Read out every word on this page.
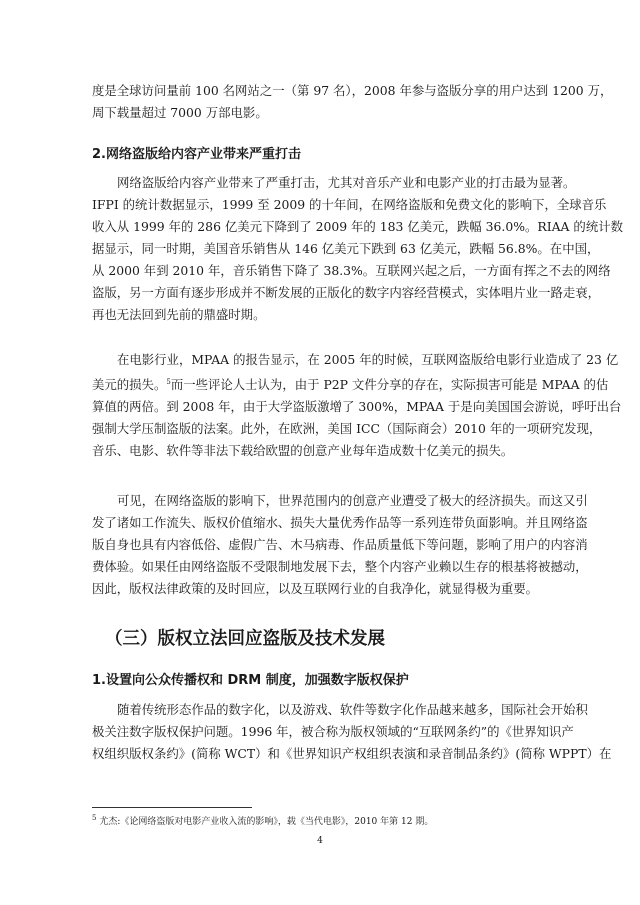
度是全球访问量前 100 名网站之一（第 97 名），2008 年参与盗版分享的用户达到 1200 万，
周下载量超过 7000 万部电影。

2.网络盗版给内容产业带来严重打击

网络盗版给内容产业带来了严重打击，尤其对音乐产业和电影产业的打击最为显著。
IFPI 的统计数据显示，1999 至 2009 的十年间，在网络盗版和免费文化的影响下，全球音乐
收入从 1999 年的 286 亿美元下降到了 2009 年的 183 亿美元，跌幅 36.0%。RIAA 的统计数
据显示，同一时期，美国音乐销售从 146 亿美元下跌到 63 亿美元，跌幅 56.8%。在中国，
从 2000 年到 2010 年，音乐销售下降了 38.3%。互联网兴起之后，一方面有挥之不去的网络
盗版，另一方面有逐步形成并不断发展的正版化的数字内容经营模式，实体唱片业一路走衰，
再也无法回到先前的鼎盛时期。
在电影行业，MPAA 的报告显示，在 2005 年的时候，互联网盗版给电影行业造成了 23 亿
美元的损失。$^5$而一些评论人士认为，由于 P2P 文件分享的存在，实际损害可能是 MPAA 的估
算值的两倍。到 2008 年，由于大学盗版激增了 300%，MPAA 于是向美国国会游说，呼吁出台
强制大学压制盗版的法案。此外，在欧洲，美国 ICC（国际商会）2010 年的一项研究发现，
音乐、电影、软件等非法下载给欧盟的创意产业每年造成数十亿美元的损失。
可见，在网络盗版的影响下，世界范围内的创意产业遭受了极大的经济损失。而这又引
发了诸如工作流失、版权价值缩水、损失大量优秀作品等一系列连带负面影响。并且网络盗
版自身也具有内容低俗、虚假广告、木马病毒、作品质量低下等问题，影响了用户的内容消
费体验。如果任由网络盗版不受限制地发展下去，整个内容产业赖以生存的根基将被撼动，
因此，版权法律政策的及时回应，以及互联网行业的自我净化，就显得极为重要。

（三）版权立法回应盗版及技术发展

1.设置向公众传播权和 DRM 制度，加强数字版权保护

随着传统形态作品的数字化，以及游戏、软件等数字化作品越来越多，国际社会开始积
极关注数字版权保护问题。1996 年，被合称为版权领域的“互联网条约”的《世界知识产
权组织版权条约》(简称 WCT）和《世界知识产权组织表演和录音制品条约》(简称 WPPT）在

$^5$ 尤杰:《论网络盗版对电影产业收入流的影响》，载《当代电影》，2010 年第 12 期。

4
